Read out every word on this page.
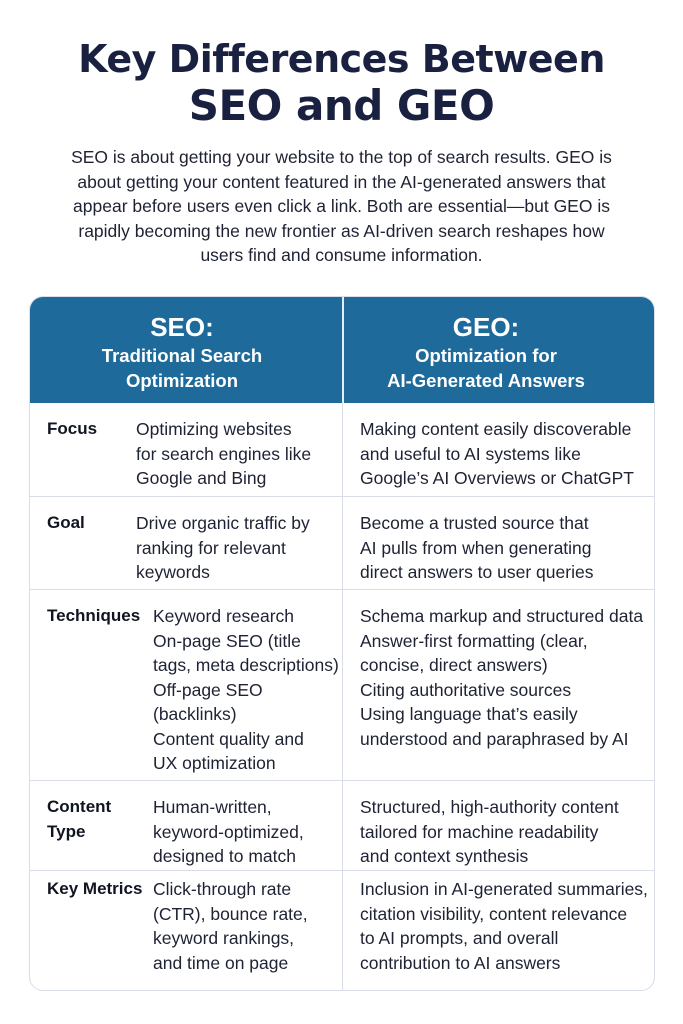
Key Differences Between
SEO and GEO
SEO is about getting your website to the top of search results. GEO is
about getting your content featured in the AI-generated answers that
appear before users even click a link. Both are essential—but GEO is
rapidly becoming the new frontier as AI-driven search reshapes how
users find and consume information.
SEO:
Traditional Search
Optimization
GEO:
Optimization for
AI-Generated Answers
Focus Optimizing websites
for search engines like
Google and Bing
Making content easily discoverable
and useful to AI systems like
Google’s AI Overviews or ChatGPT
Goal	Drive organic traffic by
ranking for relevant
keywords
Become a trusted source that
AI pulls from when generating
direct answers to user queries
Techniques Keyword research
On-page SEO (title
tags, meta descriptions)
Off-page SEO
(backlinks)
Content quality and
UX optimization
Schema markup and structured data
Answer-first formatting (clear,
concise, direct answers)
Citing authoritative sources
Using language that’s easily
understood and paraphrased by AI
Content
Type
Human-written,
keyword-optimized,
designed to match
Structured, high-authority content
tailored for machine readability
and context synthesis
Key Metrics Click-through rate
(CTR), bounce rate,
keyword rankings,
and time on page
Inclusion in AI-generated summaries,
citation visibility, content relevance
to AI prompts, and overall
contribution to AI answers
